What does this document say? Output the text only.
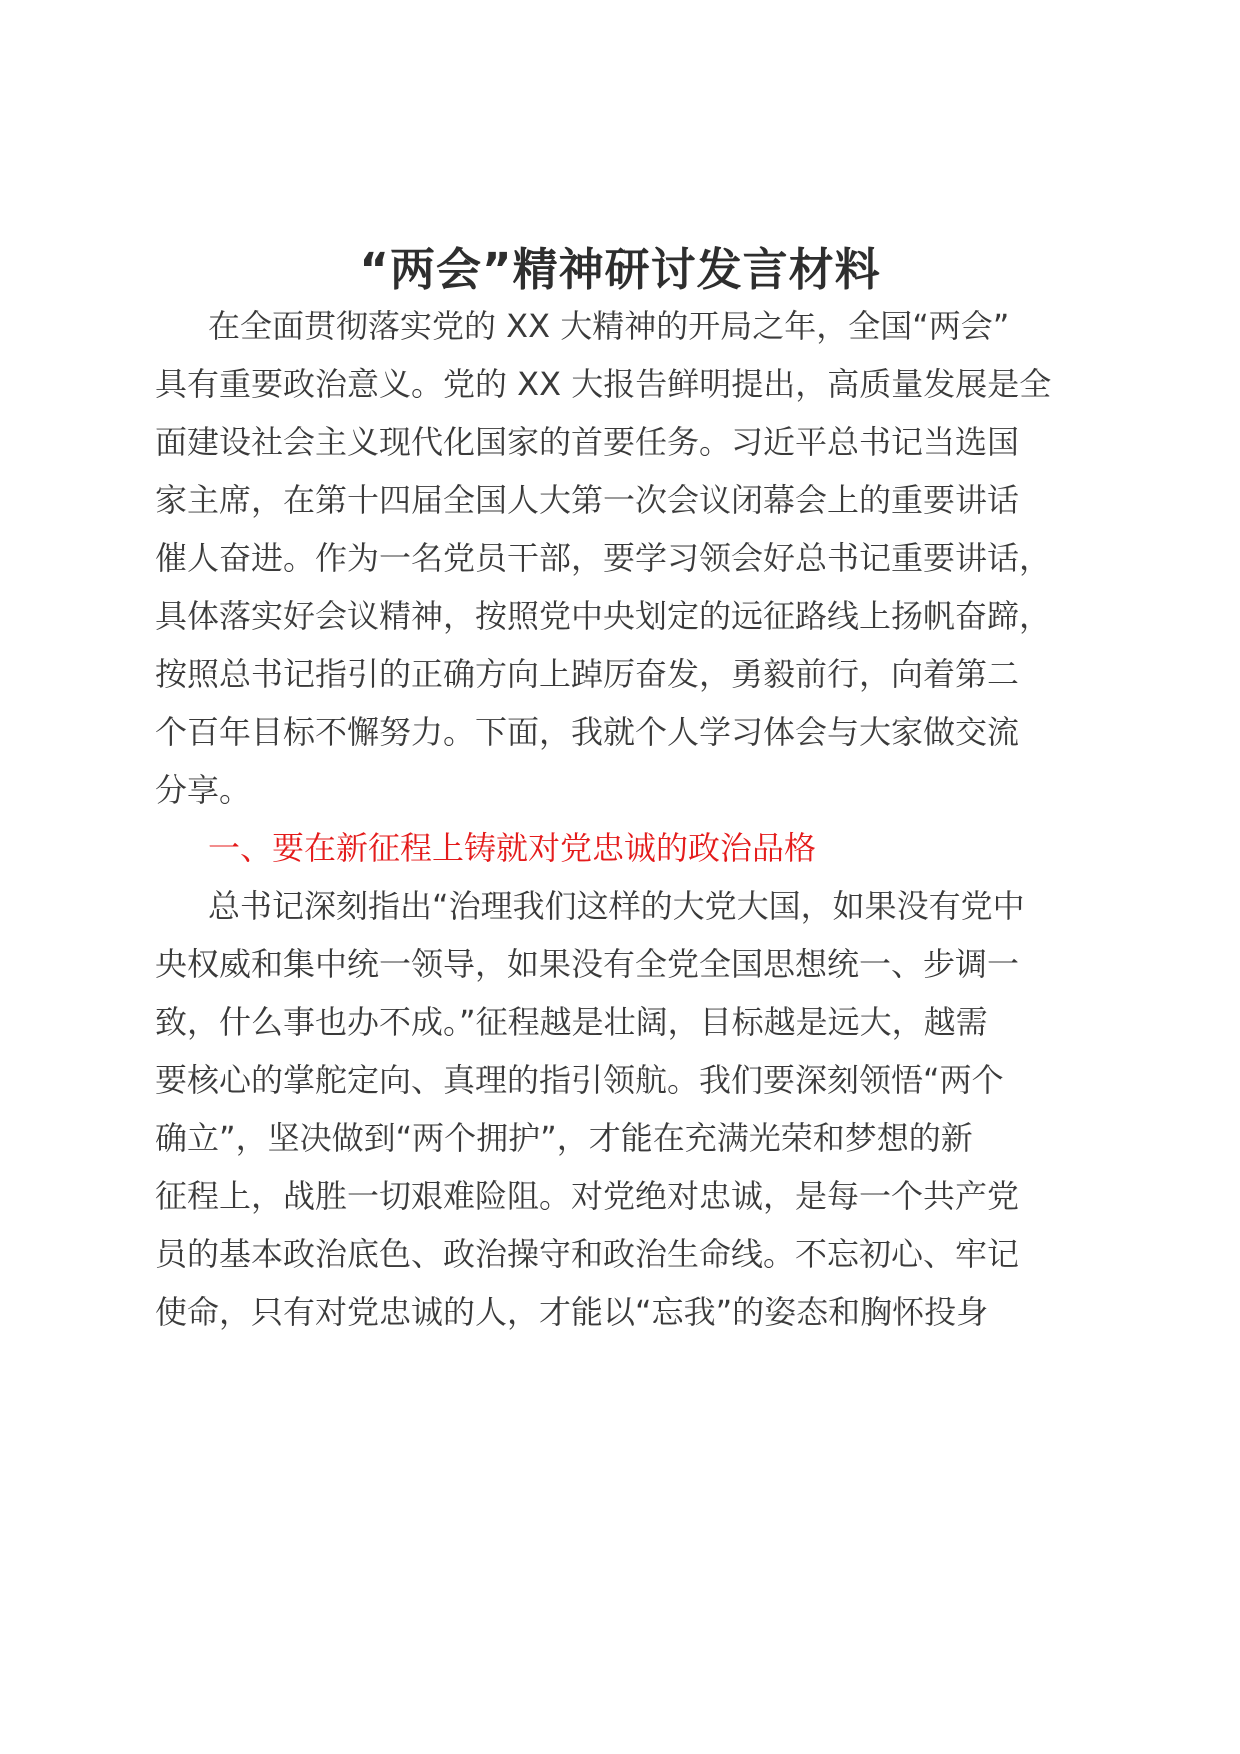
“两会”精神研讨发言材料
在全面贯彻落实党的 XX 大精神的开局之年，全国“两会”
具有重要政治意义。党的 XX 大报告鲜明提出，高质量发展是全
面建设社会主义现代化国家的首要任务。习近平总书记当选国
家主席，在第十四届全国人大第一次会议闭幕会上的重要讲话
催人奋进。作为一名党员干部，要学习领会好总书记重要讲话，
具体落实好会议精神，按照党中央划定的远征路线上扬帆奋蹄，
按照总书记指引的正确方向上踔厉奋发，勇毅前行，向着第二
个百年目标不懈努力。下面，我就个人学习体会与大家做交流
分享。
一、要在新征程上铸就对党忠诚的政治品格
总书记深刻指出“治理我们这样的大党大国，如果没有党中
央权威和集中统一领导，如果没有全党全国思想统一、步调一
致，什么事也办不成。”征程越是壮阔，目标越是远大，越需
要核心的掌舵定向、真理的指引领航。我们要深刻领悟“两个
确立”，坚决做到“两个拥护”，才能在充满光荣和梦想的新
征程上，战胜一切艰难险阻。对党绝对忠诚，是每一个共产党
员的基本政治底色、政治操守和政治生命线。不忘初心、牢记
使命，只有对党忠诚的人，才能以“忘我”的姿态和胸怀投身
